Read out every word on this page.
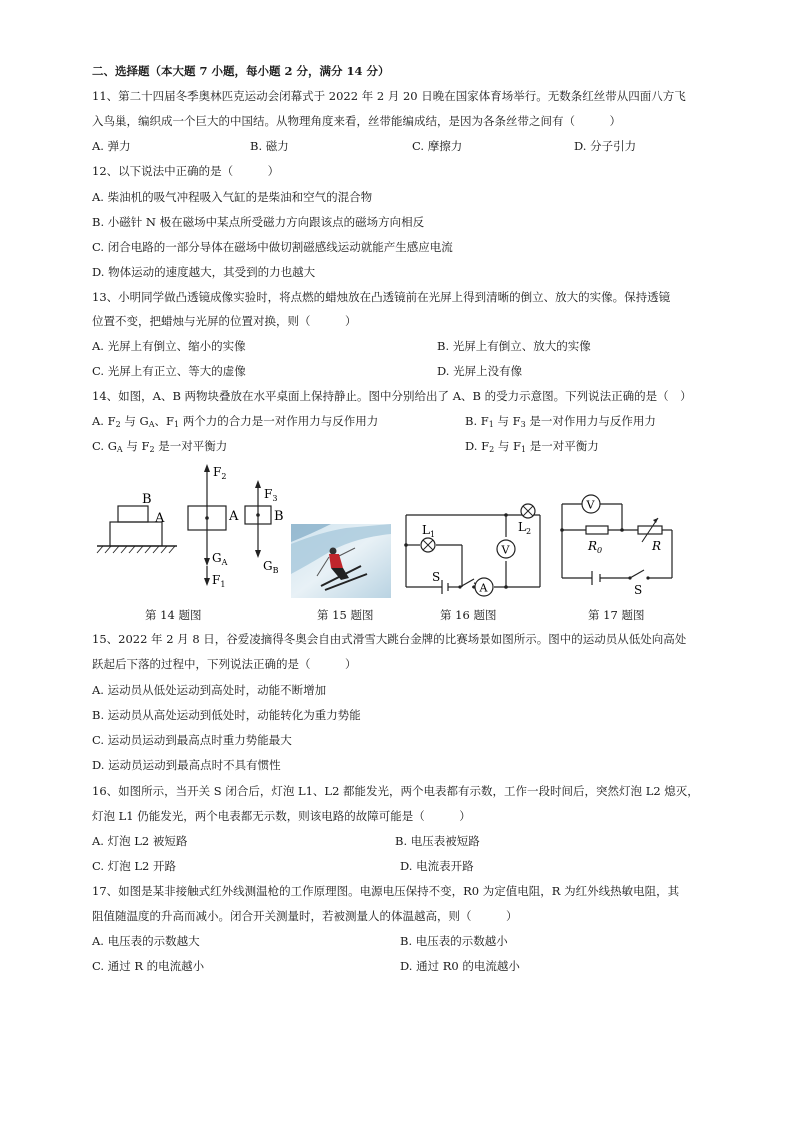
二、选择题（本大题 7 小题，每小题 2 分，满分 14 分）
11、第二十四届冬季奥林匹克运动会闭幕式于 2022 年 2 月 20 日晚在国家体育场举行。无数条红丝带从四面八方飞
入鸟巢，编织成一个巨大的中国结。从物理角度来看，丝带能编成结，是因为各条丝带之间有（　　　）
A. 弹力	B. 磁力	C. 摩擦力	D. 分子引力
12、以下说法中正确的是（　　　）
A. 柴油机的吸气冲程吸入气缸的是柴油和空气的混合物
B. 小磁针 N 极在磁场中某点所受磁力方向跟该点的磁场方向相反
C. 闭合电路的一部分导体在磁场中做切割磁感线运动就能产生感应电流
D. 物体运动的速度越大，其受到的力也越大
13、小明同学做凸透镜成像实验时，将点燃的蜡烛放在凸透镜前在光屏上得到清晰的倒立、放大的实像。保持透镜
位置不变，把蜡烛与光屏的位置对换，则（　　　）
A. 光屏上有倒立、缩小的实像	B. 光屏上有倒立、放大的实像
C. 光屏上有正立、等大的虚像	D. 光屏上没有像
14、如图，A、B 两物块叠放在水平桌面上保持静止。图中分别给出了 A、B 的受力示意图。下列说法正确的是（　）
A. $F_2$ 与 $G_A$、$F_1$ 两个力的合力是一对作用力与反作用力	B. $F_1$ 与 $F_3$ 是一对作用力与反作用力
C. $G_A$ 与 $F_2$ 是一对平衡力	D. $F_2$ 与 $F_1$ 是一对平衡力
B
A
$F_2$
A
$G_A$
$F_1$
$F_3$
B
$G_B$
V
A
$L_1$
$L_2$
S
V
$R_0$	R
S
第 14 题图	第 15 题图	第 16 题图	第 17 题图
15、2022 年 2 月 8 日，谷爱凌摘得冬奥会自由式滑雪大跳台金牌的比赛场景如图所示。图中的运动员从低处向高处
跃起后下落的过程中，下列说法正确的是（　　　）
A. 运动员从低处运动到高处时，动能不断增加
B. 运动员从高处运动到低处时，动能转化为重力势能
C. 运动员运动到最高点时重力势能最大
D. 运动员运动到最高点时不具有惯性
16、如图所示，当开关 S 闭合后，灯泡 L1、L2 都能发光，两个电表都有示数，工作一段时间后，突然灯泡 L2 熄灭，
灯泡 L1 仍能发光，两个电表都无示数，则该电路的故障可能是（　　　）
A. 灯泡 L2 被短路	B. 电压表被短路
C. 灯泡 L2 开路	D. 电流表开路
17、如图是某非接触式红外线测温枪的工作原理图。电源电压保持不变，R0 为定值电阻，R 为红外线热敏电阻，其
阻值随温度的升高而减小。闭合开关测量时，若被测量人的体温越高，则（　　　）
A. 电压表的示数越大	B. 电压表的示数越小
C. 通过 R 的电流越小	D. 通过 R0 的电流越小
